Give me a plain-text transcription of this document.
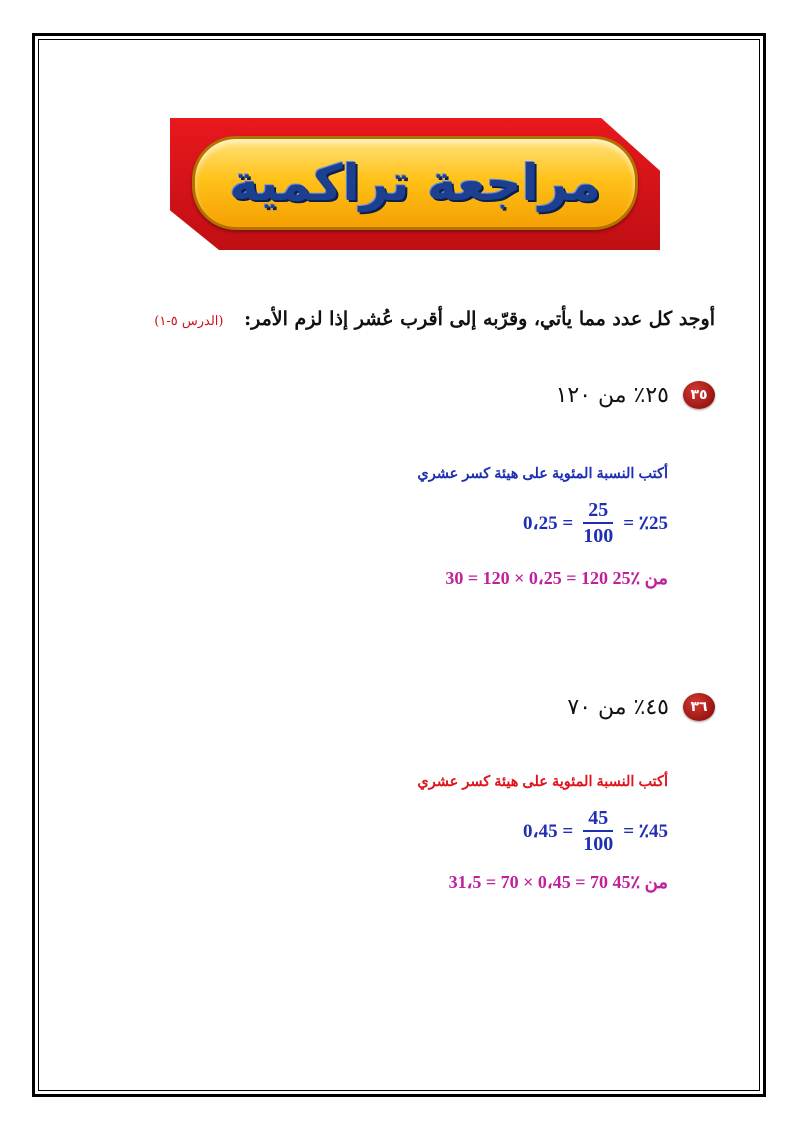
مراجعة تراكمية
أوجد كل عدد مما يأتي، وقرّبه إلى أقرب عُشر إذا لزم الأمر: (الدرس ٥-١)
٣٥
٢٥٪ من ١٢٠
أكتب النسبة المئوية على هيئة كسر عشري
0،25 = $\frac{25}{100}$ = ٪25
30 = 120 × 0،25 = 120 من ٪25
٣٦
٤٥٪ من ٧٠
أكتب النسبة المئوية على هيئة كسر عشري
0،45 = $\frac{45}{100}$ = ٪45
31،5 = 70 × 0،45 = 70 من ٪45
